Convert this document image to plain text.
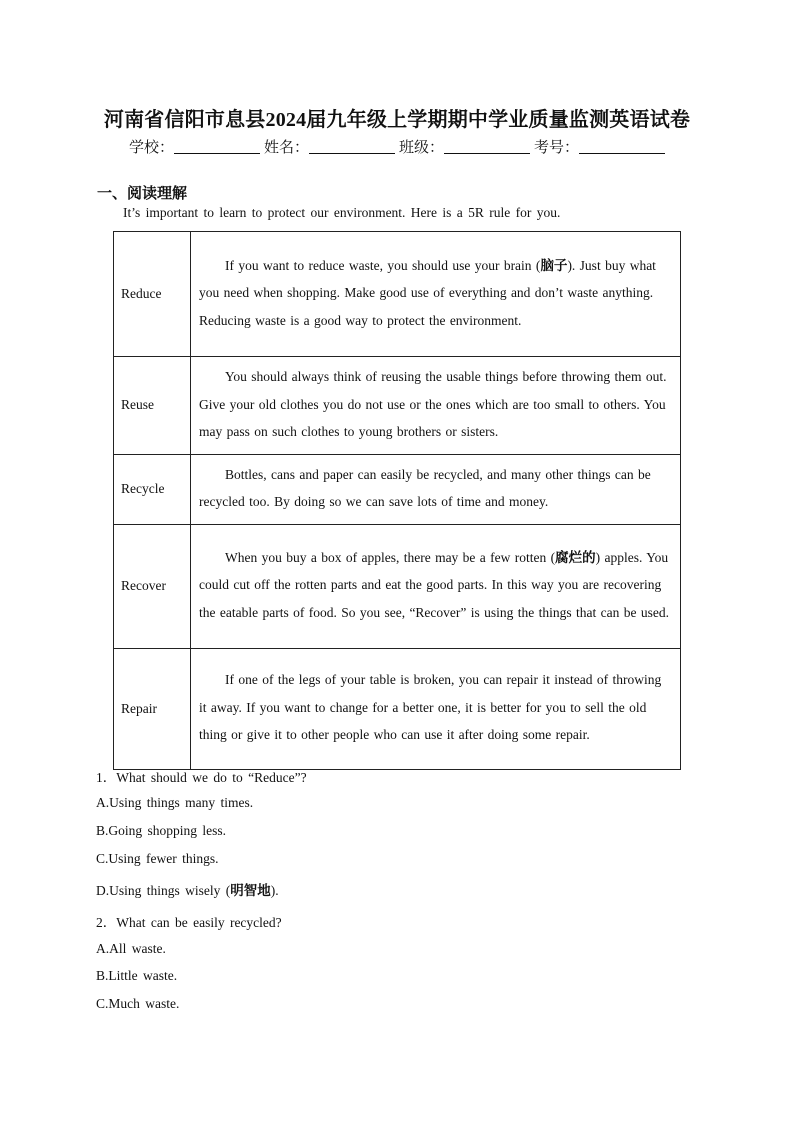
河南省信阳市息县2024届九年级上学期期中学业质量监测英语试卷
学校：	姓名：	班级：	考号：
一、阅读理解
It’s important to learn to protect our environment. Here is a 5R rule for you.
Reduce	If you want to reduce waste, you should use your brain (脑子). Just buy what you need when shopping. Make good use of everything and don’t waste anything. Reducing waste is a good way to protect the environment.
Reuse	You should always think of reusing the usable things before throwing them out. Give your old clothes you do not use or the ones which are too small to others. You may pass on such clothes to young brothers or sisters.
Recycle	Bottles, cans and paper can easily be recycled, and many other things can be recycled too. By doing so we can save lots of time and money.
Recover	When you buy a box of apples, there may be a few rotten (腐烂的) apples. You could cut off the rotten parts and eat the good parts. In this way you are recovering the eatable parts of food. So you see, “Recover” is using the things that can be used.
Repair	If one of the legs of your table is broken, you can repair it instead of throwing it away. If you want to change for a better one, it is better for you to sell the old thing or give it to other people who can use it after doing some repair.
1．What should we do to “Reduce”?
A.Using things many times.
B.Going shopping less.
C.Using fewer things.
D.Using things wisely (明智地).
2．What can be easily recycled?
A.All waste.
B.Little waste.
C.Much waste.
